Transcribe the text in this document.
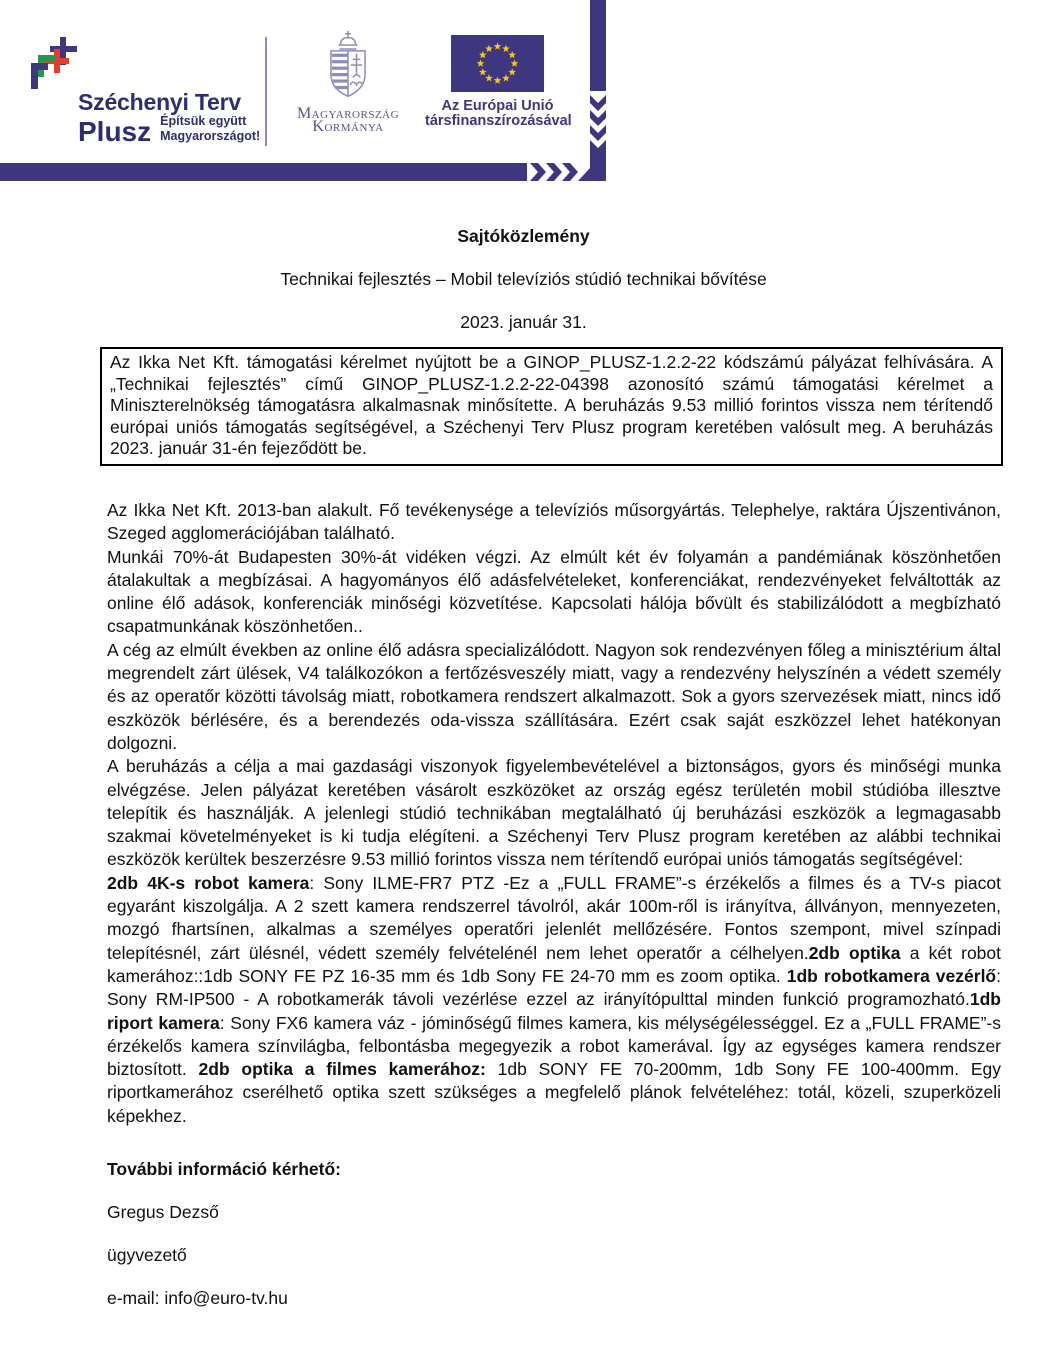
Széchenyi Terv
Plusz Építsük együtt
Magyarországot!
Magyarország
Kormánya
Az Európai Unió
társfinanszírozásával
Sajtóközlemény
Technikai fejlesztés – Mobil televíziós stúdió technikai bővítése
2023. január 31.
Az Ikka Net Kft. támogatási kérelmet nyújtott be a GINOP_PLUSZ-1.2.2-22 kódszámú pályázat felhívására. A „Technikai fejlesztés” című GINOP_PLUSZ-1.2.2-22-04398 azonosító számú támogatási kérelmet a Miniszterelnökség támogatásra alkalmasnak minősítette. A beruházás 9.53 millió forintos vissza nem térítendő európai uniós támogatás segítségével, a Széchenyi Terv Plusz program keretében valósult meg. A beruházás 2023. január 31-én fejeződött be.

Az Ikka Net Kft. 2013-ban alakult. Fő tevékenysége a televíziós műsorgyártás. Telephelye, raktára Újszentivánon, Szeged agglomerációjában található.

Munkái 70%-át Budapesten 30%-át vidéken végzi. Az elmúlt két év folyamán a pandémiának köszönhetően átalakultak a megbízásai. A hagyományos élő adásfelvételeket, konferenciákat, rendezvényeket felváltották az online élő adások, konferenciák minőségi közvetítése. Kapcsolati hálója bővült és stabilizálódott a megbízható csapatmunkának köszönhetően..

A cég az elmúlt években az online élő adásra specializálódott. Nagyon sok rendezvényen főleg a minisztérium által megrendelt zárt ülések, V4 találkozókon a fertőzésveszély miatt, vagy a rendezvény helyszínén a védett személy és az operatőr közötti távolság miatt, robotkamera rendszert alkalmazott. Sok a gyors szervezések miatt, nincs idő eszközök bérlésére, és a berendezés oda-vissza szállítására. Ezért csak saját eszközzel lehet hatékonyan dolgozni.

A beruházás a célja a mai gazdasági viszonyok figyelembevételével a biztonságos, gyors és minőségi munka elvégzése. Jelen pályázat keretében vásárolt eszközöket az ország egész területén mobil stúdióba illesztve telepítik és használják. A jelenlegi stúdió technikában megtalálható új beruházási eszközök a legmagasabb szakmai követelményeket is ki tudja elégíteni. a Széchenyi Terv Plusz program keretében az alábbi technikai eszközök kerültek beszerzésre 9.53 millió forintos vissza nem térítendő európai uniós támogatás segítségével:

2db 4K-s robot kamera: Sony ILME-FR7 PTZ -Ez a „FULL FRAME”-s érzékelős a filmes és a TV-s piacot egyaránt kiszolgálja. A 2 szett kamera rendszerrel távolról, akár 100m-ről is irányítva, állványon, mennyezeten, mozgó fhartsínen, alkalmas a személyes operatőri jelenlét mellőzésére. Fontos szempont, mivel színpadi telepítésnél, zárt ülésnél, védett személy felvételénél nem lehet operatőr a célhelyen.2db optika a két robot kamerához::1db SONY FE PZ 16-35 mm és 1db Sony FE 24-70 mm es zoom optika. 1db robotkamera vezérlő: Sony RM-IP500 - A robotkamerák távoli vezérlése ezzel az irányítópulttal minden funkció programozható.1db riport kamera: Sony FX6 kamera váz - jóminőségű filmes kamera, kis mélységélességgel. Ez a „FULL FRAME”-s érzékelős kamera színvilágba, felbontásba megegyezik a robot kamerával. Így az egységes kamera rendszer biztosított. 2db optika a filmes kamerához: 1db SONY FE 70-200mm, 1db Sony FE 100-400mm. Egy riportkamerához cserélhető optika szett szükséges a megfelelő plánok felvételéhez: totál, közeli, szuperközeli képekhez.

További információ kérhető:
Gregus Dezső
ügyvezető
e-mail: info@euro-tv.hu
